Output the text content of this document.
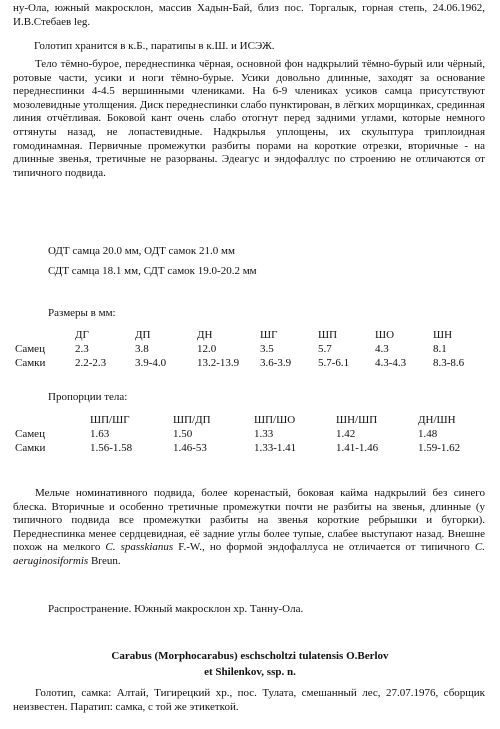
ну-Ола, южный макросклон, массив Хадын-Бай, близ пос. Торгалык, горная степь, 24.06.1962, И.В.Стебаев leg.

Голотип хранится в к.Б., паратипы в к.Ш. и ИСЭЖ.

Тело тёмно-бурое, переднеспинка чёрная, основной фон надкрылий тёмно-бурый или чёрный, ротовые части, усики и ноги тёмно-бурые. Усики довольно длинные, заходят за основание переднеспинки 4-4.5 вершинными члениками. На 6-9 члениках усиков самца присутствуют мозолевидные утолщения. Диск переднеспинки слабо пунктирован, в лёгких морщинках, срединная линия отчётливая. Боковой кант очень слабо отогнут перед задними углами, которые немного оттянуты назад, не лопастевидные. Надкрылья уплощены, их скульптура триплоидная гомодинамная. Первичные промежутки разбиты порами на короткие отрезки, вторичные - на длинные звенья, третичные не разорваны. Эдеагус и эндофаллус по строению не отличаются от типичного подвида.

ОДТ самца 20.0 мм, ОДТ самок 21.0 мм

СДТ самца 18.1 мм, СДТ самок 19.0-20.2 мм

Размеры в мм:

	ДГ	ДП	ДН	ШГ	ШП	ШО	ШН
Самец	2.3	3.8	12.0	3.5	5.7	4.3	8.1
Самки	2.2-2.3	3.9-4.0	13.2-13.9	3.6-3.9	5.7-6.1	4.3-4.3	8.3-8.6

Пропорции тела:

	ШП/ШГ	ШП/ДП	ШП/ШО	ШН/ШП	ДН/ШН
Самец	1.63	1.50	1.33	1.42	1.48
Самки	1.56-1.58	1.46-53	1.33-1.41	1.41-1.46	1.59-1.62

Мельче номинативного подвида, более коренастый, боковая кайма надкрылий без синего блеска. Вторичные и особенно третичные промежутки почти не разбиты на звенья, длинные (у типичного подвида все промежутки разбиты на звенья короткие ребрышки и бугорки). Переднеспинка менее сердцевидная, её задние углы более тупые, слабее выступают назад. Внешне похож на мелкого C. spasskianus F.-W., но формой эндофаллуса не отличается от типичного C. aeruginosiformis Breun.

Распространение. Южный макросклон хр. Танну-Ола.

Carabus (Morphocarabus) eschscholtzi tulatensis O.Berlov

et Shilenkov, ssp. n.

Голотип, самка: Алтай, Тигирецкий хр., пос. Тулата, смешанный лес, 27.07.1976, сборщик неизвестен. Паратип: самка, с той же этикеткой.
